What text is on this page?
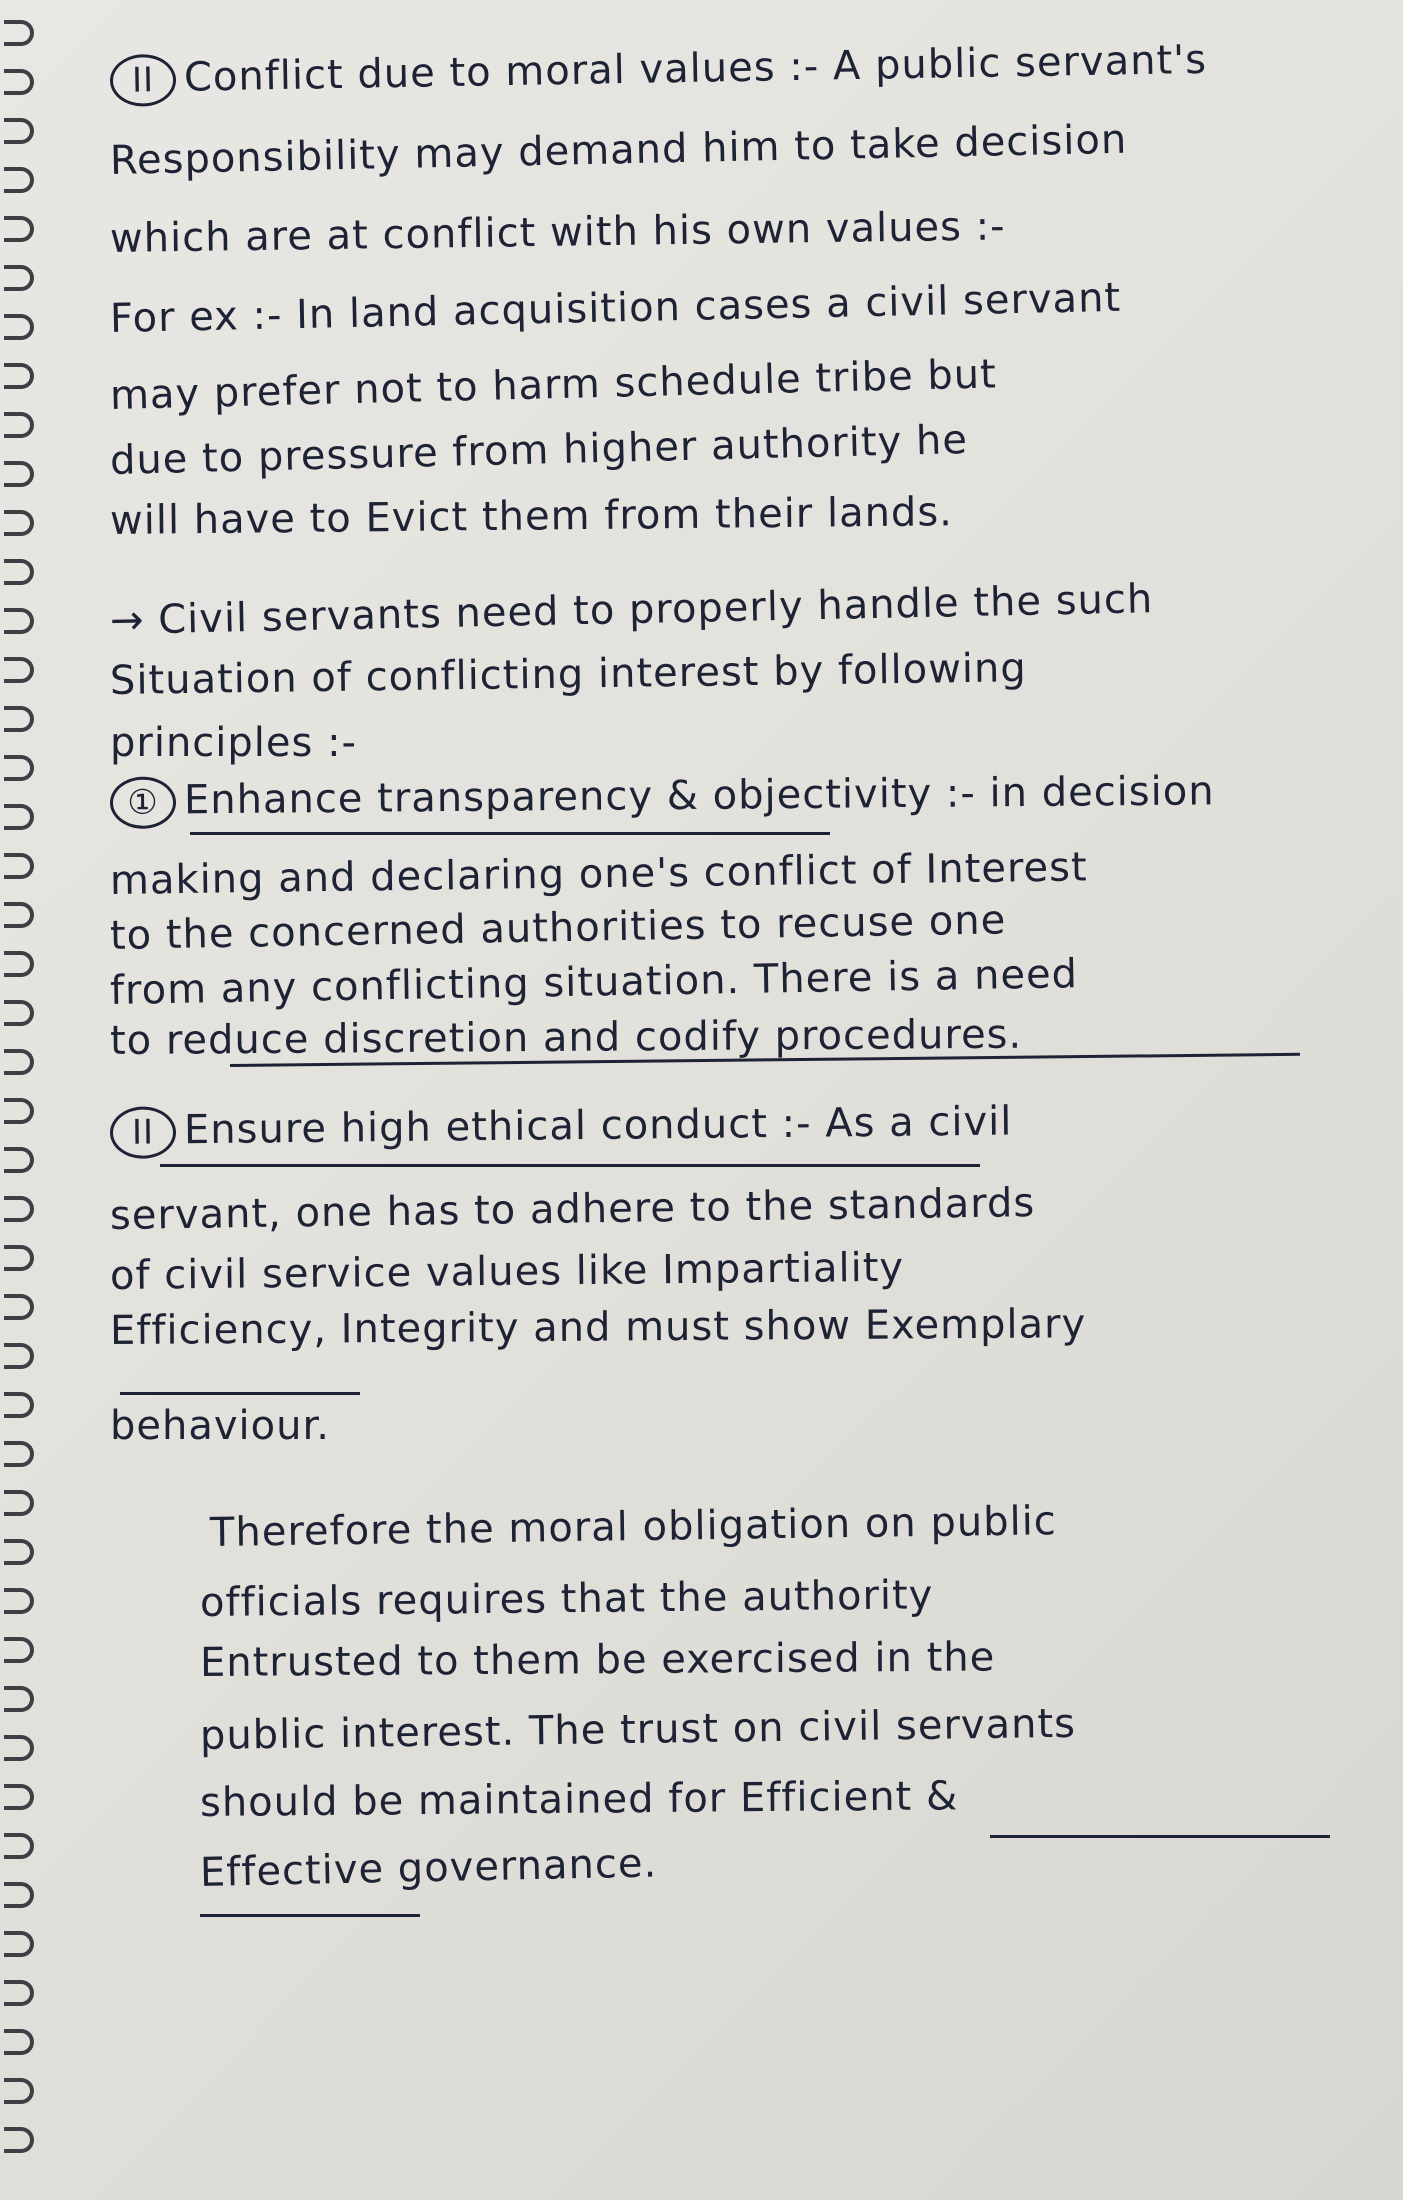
II Conflict due to moral values :- A public servant's
Responsibility may demand him to take decision
which are at conflict with his own values :-
For ex :- In land acquisition cases a civil servant
may prefer not to harm schedule tribe but
due to pressure from higher authority he
will have to Evict them from their lands.
→ Civil servants need to properly handle the such
Situation of conflicting interest by following
principles :-
① Enhance transparency & objectivity :- in decision
making and declaring one's conflict of Interest
to the concerned authorities to recuse one
from any conflicting situation. There is a need
to reduce discretion and codify procedures.
II Ensure high ethical conduct :- As a civil
servant, one has to adhere to the standards
of civil service values like Impartiality
Efficiency, Integrity and must show Exemplary
behaviour.
Therefore the moral obligation on public
officials requires that the authority
Entrusted to them be exercised in the
public interest. The trust on civil servants
should be maintained for Efficient &
Effective governance.
